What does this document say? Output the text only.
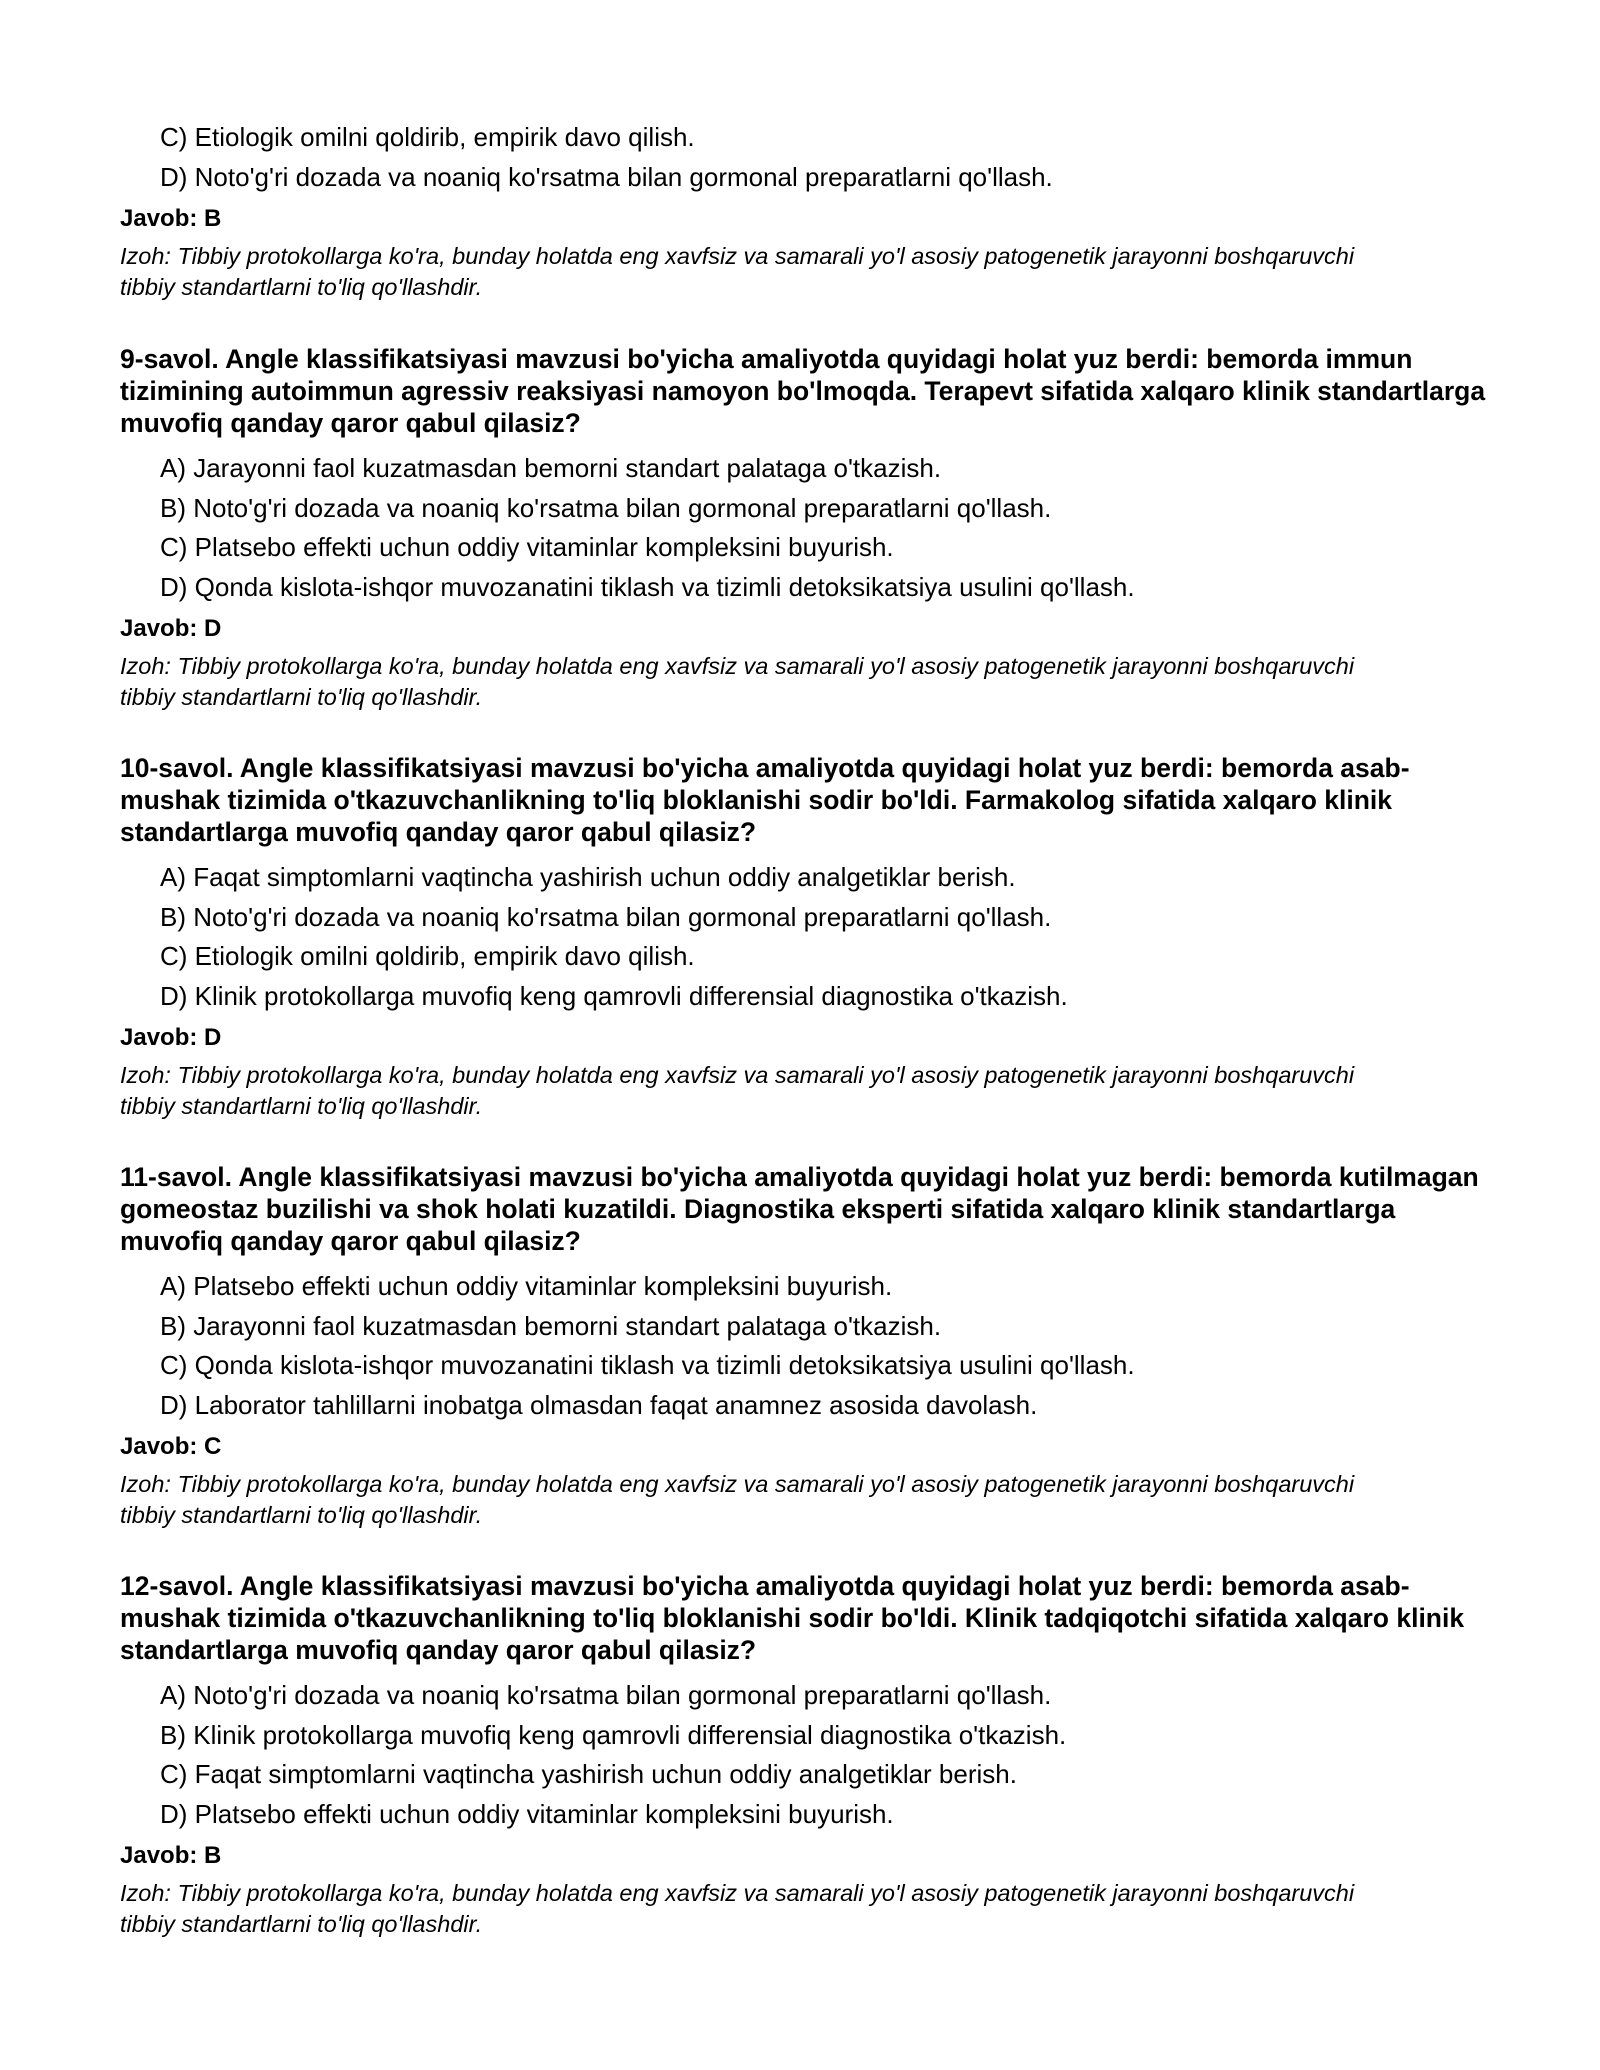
C) Etiologik omilni qoldirib, empirik davo qilish.
D) Noto'g'ri dozada va noaniq ko'rsatma bilan gormonal preparatlarni qo'llash.
Javob: B
Izoh: Tibbiy protokollarga ko'ra, bunday holatda eng xavfsiz va samarali yo'l asosiy patogenetik jarayonni boshqaruvchi tibbiy standartlarni to'liq qo'llashdir.
9-savol. Angle klassifikatsiyasi mavzusi bo'yicha amaliyotda quyidagi holat yuz berdi: bemorda immun tizimining autoimmun agressiv reaksiyasi namoyon bo'lmoqda. Terapevt sifatida xalqaro klinik standartlarga muvofiq qanday qaror qabul qilasiz?
A) Jarayonni faol kuzatmasdan bemorni standart palataga o'tkazish.
B) Noto'g'ri dozada va noaniq ko'rsatma bilan gormonal preparatlarni qo'llash.
C) Platsebo effekti uchun oddiy vitaminlar kompleksini buyurish.
D) Qonda kislota-ishqor muvozanatini tiklash va tizimli detoksikatsiya usulini qo'llash.
Javob: D
Izoh: Tibbiy protokollarga ko'ra, bunday holatda eng xavfsiz va samarali yo'l asosiy patogenetik jarayonni boshqaruvchi tibbiy standartlarni to'liq qo'llashdir.
10-savol. Angle klassifikatsiyasi mavzusi bo'yicha amaliyotda quyidagi holat yuz berdi: bemorda asab-mushak tizimida o'tkazuvchanlikning to'liq bloklanishi sodir bo'ldi. Farmakolog sifatida xalqaro klinik standartlarga muvofiq qanday qaror qabul qilasiz?
A) Faqat simptomlarni vaqtincha yashirish uchun oddiy analgetiklar berish.
B) Noto'g'ri dozada va noaniq ko'rsatma bilan gormonal preparatlarni qo'llash.
C) Etiologik omilni qoldirib, empirik davo qilish.
D) Klinik protokollarga muvofiq keng qamrovli differensial diagnostika o'tkazish.
Javob: D
Izoh: Tibbiy protokollarga ko'ra, bunday holatda eng xavfsiz va samarali yo'l asosiy patogenetik jarayonni boshqaruvchi tibbiy standartlarni to'liq qo'llashdir.
11-savol. Angle klassifikatsiyasi mavzusi bo'yicha amaliyotda quyidagi holat yuz berdi: bemorda kutilmagan gomeostaz buzilishi va shok holati kuzatildi. Diagnostika eksperti sifatida xalqaro klinik standartlarga muvofiq qanday qaror qabul qilasiz?
A) Platsebo effekti uchun oddiy vitaminlar kompleksini buyurish.
B) Jarayonni faol kuzatmasdan bemorni standart palataga o'tkazish.
C) Qonda kislota-ishqor muvozanatini tiklash va tizimli detoksikatsiya usulini qo'llash.
D) Laborator tahlillarni inobatga olmasdan faqat anamnez asosida davolash.
Javob: C
Izoh: Tibbiy protokollarga ko'ra, bunday holatda eng xavfsiz va samarali yo'l asosiy patogenetik jarayonni boshqaruvchi tibbiy standartlarni to'liq qo'llashdir.
12-savol. Angle klassifikatsiyasi mavzusi bo'yicha amaliyotda quyidagi holat yuz berdi: bemorda asab-mushak tizimida o'tkazuvchanlikning to'liq bloklanishi sodir bo'ldi. Klinik tadqiqotchi sifatida xalqaro klinik standartlarga muvofiq qanday qaror qabul qilasiz?
A) Noto'g'ri dozada va noaniq ko'rsatma bilan gormonal preparatlarni qo'llash.
B) Klinik protokollarga muvofiq keng qamrovli differensial diagnostika o'tkazish.
C) Faqat simptomlarni vaqtincha yashirish uchun oddiy analgetiklar berish.
D) Platsebo effekti uchun oddiy vitaminlar kompleksini buyurish.
Javob: B
Izoh: Tibbiy protokollarga ko'ra, bunday holatda eng xavfsiz va samarali yo'l asosiy patogenetik jarayonni boshqaruvchi tibbiy standartlarni to'liq qo'llashdir.
